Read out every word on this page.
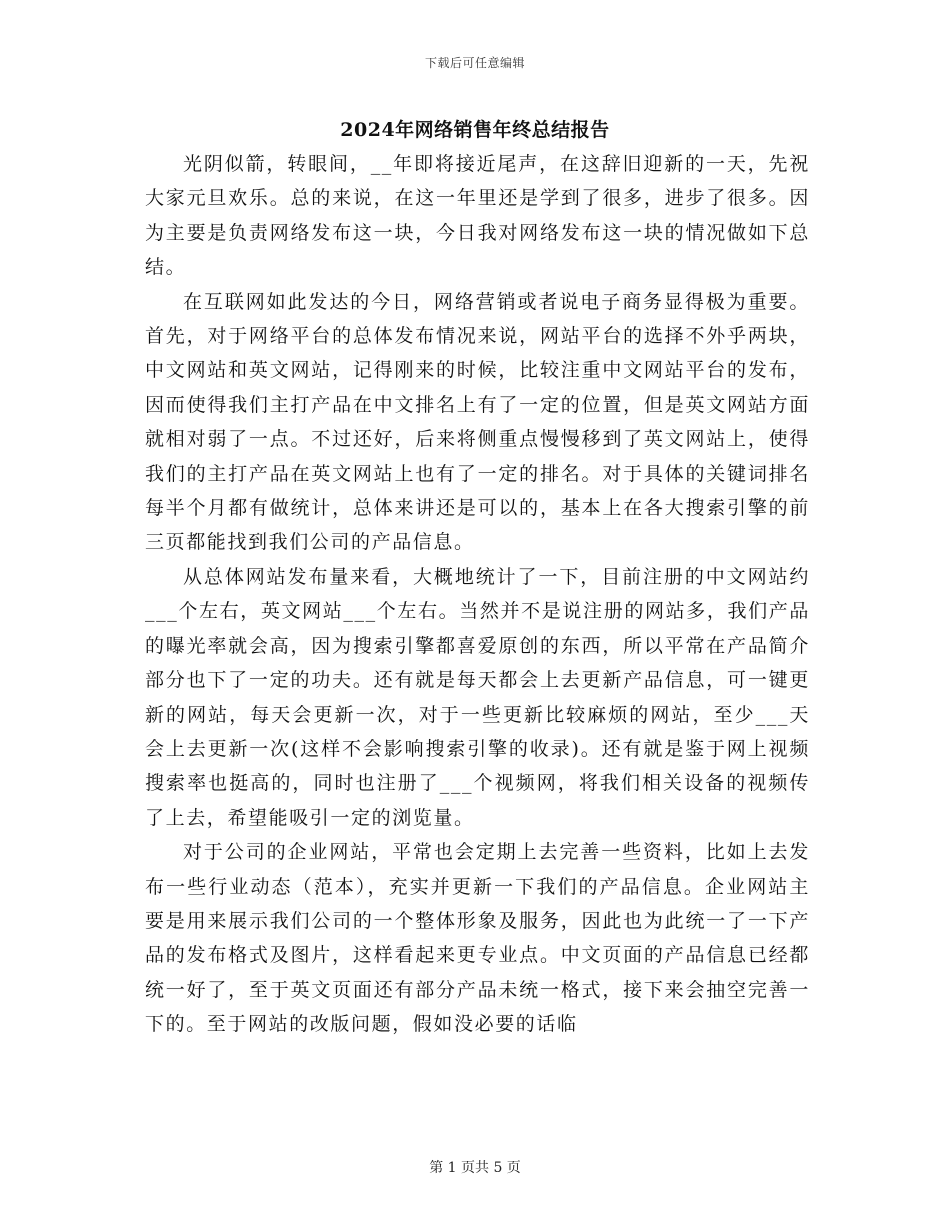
下载后可任意编辑
2024年网络销售年终总结报告

光阴似箭，转眼间，__年即将接近尾声，在这辞旧迎新的一天，先祝大家元旦欢乐。总的来说，在这一年里还是学到了很多，进步了很多。因为主要是负责网络发布这一块，今日我对网络发布这一块的情况做如下总结。

在互联网如此发达的今日，网络营销或者说电子商务显得极为重要。首先，对于网络平台的总体发布情况来说，网站平台的选择不外乎两块，中文网站和英文网站，记得刚来的时候，比较注重中文网站平台的发布，因而使得我们主打产品在中文排名上有了一定的位置，但是英文网站方面就相对弱了一点。不过还好，后来将侧重点慢慢移到了英文网站上，使得我们的主打产品在英文网站上也有了一定的排名。对于具体的关键词排名每半个月都有做统计，总体来讲还是可以的，基本上在各大搜索引擎的前三页都能找到我们公司的产品信息。

从总体网站发布量来看，大概地统计了一下，目前注册的中文网站约___个左右，英文网站___个左右。当然并不是说注册的网站多，我们产品的曝光率就会高，因为搜索引擎都喜爱原创的东西，所以平常在产品简介部分也下了一定的功夫。还有就是每天都会上去更新产品信息，可一键更新的网站，每天会更新一次，对于一些更新比较麻烦的网站，至少___天会上去更新一次(这样不会影响搜索引擎的收录)。还有就是鉴于网上视频搜索率也挺高的，同时也注册了___个视频网，将我们相关设备的视频传了上去，希望能吸引一定的浏览量。

对于公司的企业网站，平常也会定期上去完善一些资料，比如上去发布一些行业动态（范本），充实并更新一下我们的产品信息。企业网站主要是用来展示我们公司的一个整体形象及服务，因此也为此统一了一下产品的发布格式及图片，这样看起来更专业点。中文页面的产品信息已经都统一好了，至于英文页面还有部分产品未统一格式，接下来会抽空完善一下的。至于网站的改版问题，假如没必要的话临

第 1 页共 5 页
